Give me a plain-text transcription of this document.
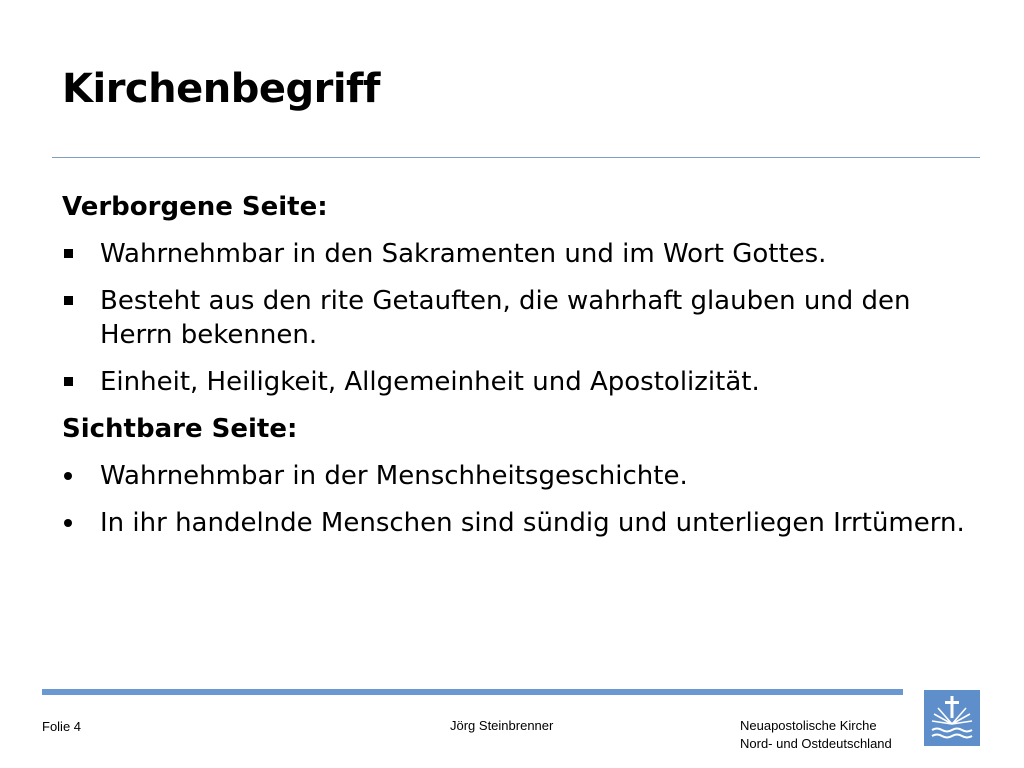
Kirchenbegriff
Verborgene Seite:
Wahrnehmbar in den Sakramenten und im Wort Gottes.
Besteht aus den rite Getauften, die wahrhaft glauben und den Herrn bekennen.
Einheit, Heiligkeit, Allgemeinheit und Apostolizität.
Sichtbare Seite:
Wahrnehmbar in der Menschheitsgeschichte.
In ihr handelnde Menschen sind sündig und unterliegen Irrtümern.
Folie 4	Jörg Steinbrenner	Neuapostolische Kirche
Nord- und Ostdeutschland
